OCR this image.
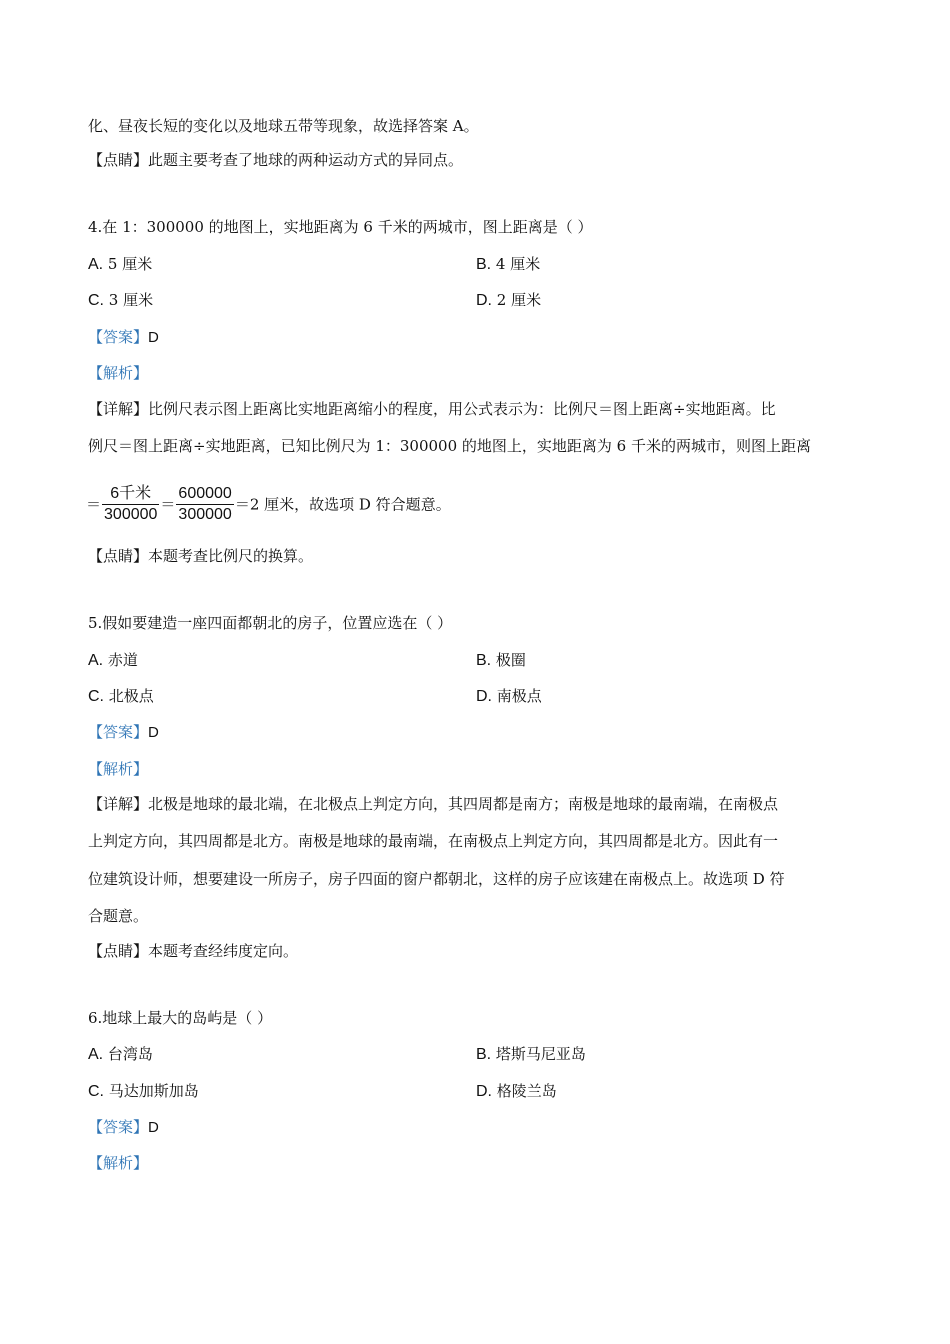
化、昼夜长短的变化以及地球五带等现象，故选择答案 A。
【点睛】此题主要考查了地球的两种运动方式的异同点。
4.在 1：300000 的地图上，实地距离为 6 千米的两城市，图上距离是（ ）
A. 5 厘米	B. 4 厘米
C. 3 厘米	D. 2 厘米
【答案】D
【解析】
【详解】比例尺表示图上距离比实地距离缩小的程度，用公式表示为：比例尺＝图上距离÷实地距离。比
例尺＝图上距离÷实地距离，已知比例尺为 1：300000 的地图上，实地距离为 6 千米的两城市，则图上距离
＝ $\frac{\text{6千米}}{300000} = \frac{600000}{300000} =2$ 厘米，故选项 D 符合题意。
【点睛】本题考查比例尺的换算。
5.假如要建造一座四面都朝北的房子，位置应选在（ ）
A. 赤道	B. 极圈
C. 北极点	D. 南极点
【答案】D
【解析】
【详解】北极是地球的最北端，在北极点上判定方向，其四周都是南方；南极是地球的最南端，在南极点
上判定方向，其四周都是北方。南极是地球的最南端，在南极点上判定方向，其四周都是北方。因此有一
位建筑设计师，想要建设一所房子，房子四面的窗户都朝北，这样的房子应该建在南极点上。故选项 D 符
合题意。
【点睛】本题考查经纬度定向。
6.地球上最大的岛屿是（ ）
A. 台湾岛	B. 塔斯马尼亚岛
C. 马达加斯加岛	D. 格陵兰岛
【答案】D
【解析】
